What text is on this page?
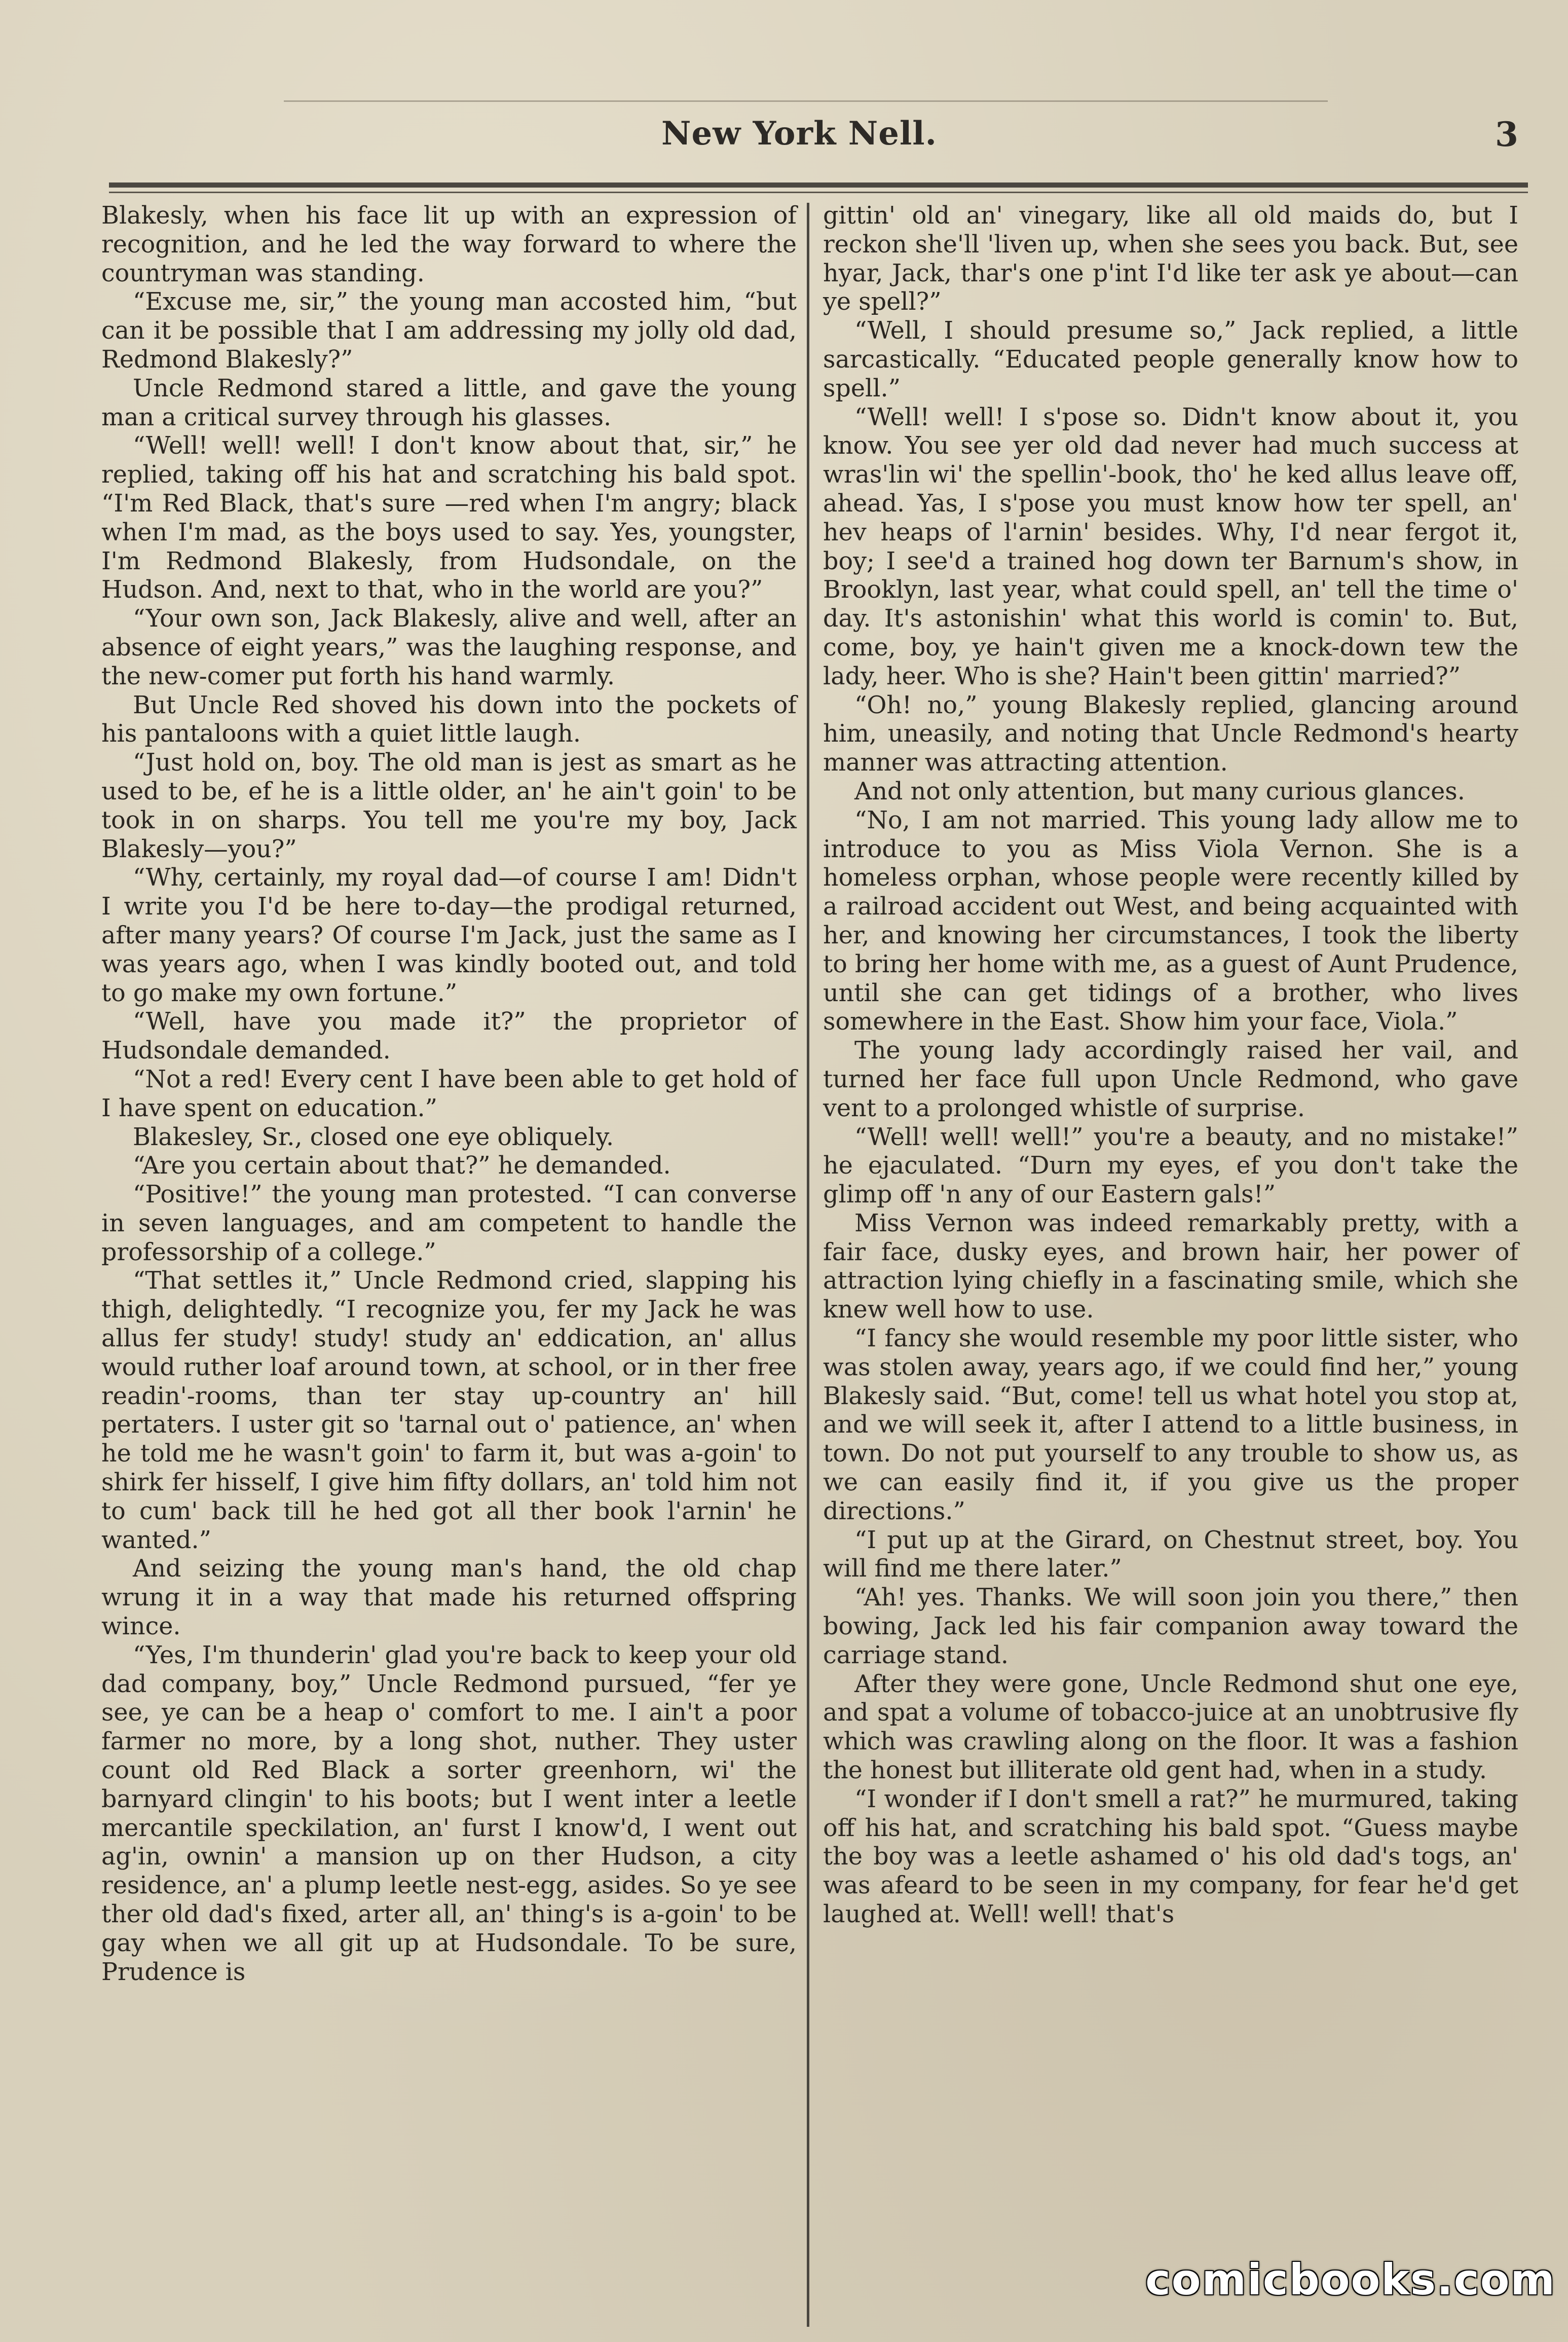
New York Nell.	3

Blakesly, when his face lit up with an expression of recognition, and he led the way forward to where the countryman was standing.

“Excuse me, sir,” the young man accosted him, “but can it be possible that I am addressing my jolly old dad, Redmond Blakesly?”

Uncle Redmond stared a little, and gave the young man a critical survey through his glasses.

“Well! well! well! I don't know about that, sir,” he replied, taking off his hat and scratching his bald spot. “I'm Red Black, that's sure —red when I'm angry; black when I'm mad, as the boys used to say. Yes, youngster, I'm Redmond Blakesly, from Hudsondale, on the Hudson. And, next to that, who in the world are you?”

“Your own son, Jack Blakesly, alive and well, after an absence of eight years,” was the laughing response, and the new-comer put forth his hand warmly.

But Uncle Red shoved his down into the pockets of his pantaloons with a quiet little laugh.

“Just hold on, boy. The old man is jest as smart as he used to be, ef he is a little older, an' he ain't goin' to be took in on sharps. You tell me you're my boy, Jack Blakesly—you?”

“Why, certainly, my royal dad—of course I am! Didn't I write you I'd be here to-day—the prodigal returned, after many years? Of course I'm Jack, just the same as I was years ago, when I was kindly booted out, and told to go make my own fortune.”

“Well, have you made it?” the proprietor of Hudsondale demanded.

“Not a red! Every cent I have been able to get hold of I have spent on education.”

Blakesley, Sr., closed one eye obliquely.

“Are you certain about that?” he demanded.

“Positive!” the young man protested. “I can converse in seven languages, and am competent to handle the professorship of a college.”

“That settles it,” Uncle Redmond cried, slapping his thigh, delightedly. “I recognize you, fer my Jack he was allus fer study! study! study an' eddication, an' allus would ruther loaf around town, at school, or in ther free readin'-rooms, than ter stay up-country an' hill pertaters. I uster git so 'tarnal out o' patience, an' when he told me he wasn't goin' to farm it, but was a-goin' to shirk fer hisself, I give him fifty dollars, an' told him not to cum' back till he hed got all ther book l'arnin' he wanted.”

And seizing the young man's hand, the old chap wrung it in a way that made his returned offspring wince.

“Yes, I'm thunderin' glad you're back to keep your old dad company, boy,” Uncle Redmond pursued, “fer ye see, ye can be a heap o' comfort to me. I ain't a poor farmer no more, by a long shot, nuther. They uster count old Red Black a sorter greenhorn, wi' the barnyard clingin' to his boots; but I went inter a leetle mercantile speckilation, an' furst I know'd, I went out ag'in, ownin' a mansion up on ther Hudson, a city residence, an' a plump leetle nest-egg, asides. So ye see ther old dad's fixed, arter all, an' thing's is a-goin' to be gay when we all git up at Hudsondale. To be sure, Prudence is

gittin' old an' vinegary, like all old maids do, but I reckon she'll 'liven up, when she sees you back. But, see hyar, Jack, thar's one p'int I'd like ter ask ye about—can ye spell?”

“Well, I should presume so,” Jack replied, a little sarcastically. “Educated people generally know how to spell.”

“Well! well! I s'pose so. Didn't know about it, you know. You see yer old dad never had much success at wras'lin wi' the spellin'-book, tho' he ked allus leave off, ahead. Yas, I s'pose you must know how ter spell, an' hev heaps of l'arnin' besides. Why, I'd near fergot it, boy; I see'd a trained hog down ter Barnum's show, in Brooklyn, last year, what could spell, an' tell the time o' day. It's astonishin' what this world is comin' to. But, come, boy, ye hain't given me a knock-down tew the lady, heer. Who is she? Hain't been gittin' married?”

“Oh! no,” young Blakesly replied, glancing around him, uneasily, and noting that Uncle Redmond's hearty manner was attracting attention.

And not only attention, but many curious glances.

“No, I am not married. This young lady allow me to introduce to you as Miss Viola Vernon. She is a homeless orphan, whose people were recently killed by a railroad accident out West, and being acquainted with her, and knowing her circumstances, I took the liberty to bring her home with me, as a guest of Aunt Prudence, until she can get tidings of a brother, who lives somewhere in the East. Show him your face, Viola.”

The young lady accordingly raised her vail, and turned her face full upon Uncle Redmond, who gave vent to a prolonged whistle of surprise.

“Well! well! well!” you're a beauty, and no mistake!” he ejaculated. “Durn my eyes, ef you don't take the glimp off 'n any of our Eastern gals!”

Miss Vernon was indeed remarkably pretty, with a fair face, dusky eyes, and brown hair, her power of attraction lying chiefly in a fascinating smile, which she knew well how to use.

“I fancy she would resemble my poor little sister, who was stolen away, years ago, if we could find her,” young Blakesly said. “But, come! tell us what hotel you stop at, and we will seek it, after I attend to a little business, in town. Do not put yourself to any trouble to show us, as we can easily find it, if you give us the proper directions.”

“I put up at the Girard, on Chestnut street, boy. You will find me there later.”

“Ah! yes. Thanks. We will soon join you there,” then bowing, Jack led his fair companion away toward the carriage stand.

After they were gone, Uncle Redmond shut one eye, and spat a volume of tobacco-juice at an unobtrusive fly which was crawling along on the floor. It was a fashion the honest but illiterate old gent had, when in a study.

“I wonder if I don't smell a rat?” he murmured, taking off his hat, and scratching his bald spot. “Guess maybe the boy was a leetle ashamed o' his old dad's togs, an' was afeard to be seen in my company, for fear he'd get laughed at. Well! well! that's

comicbooks.com
